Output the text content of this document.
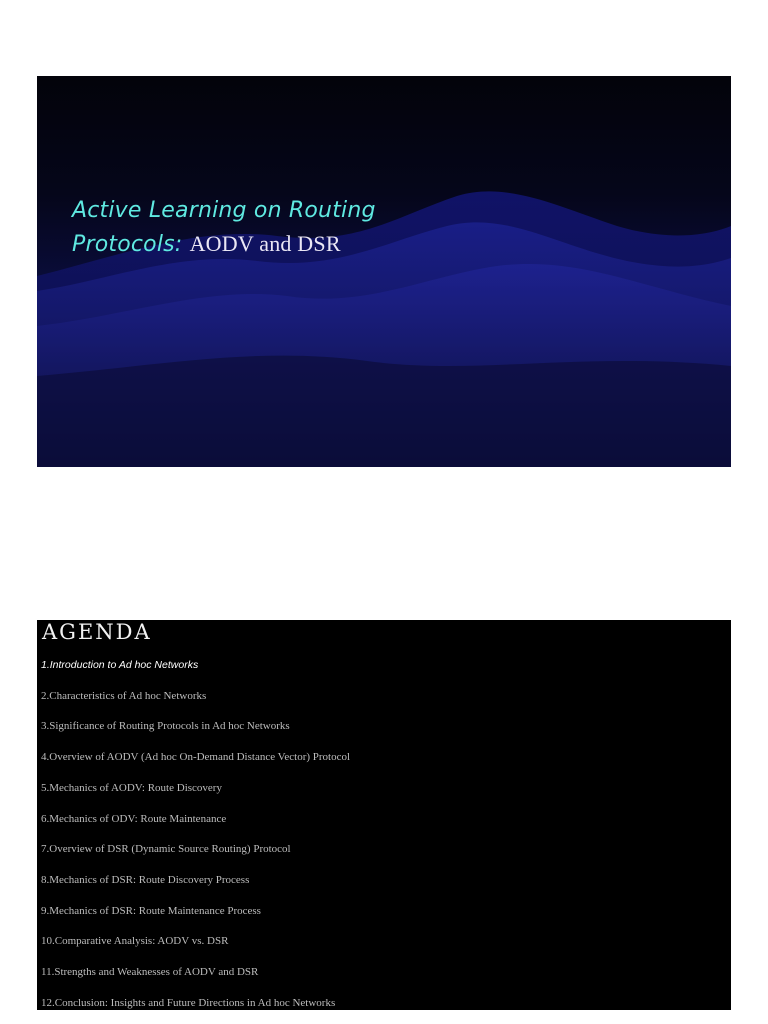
Active Learning on Routing
Protocols: AODV and DSR
AGENDA
1.Introduction to Ad hoc Networks
2.Characteristics of Ad hoc Networks
3.Significance of Routing Protocols in Ad hoc Networks
4.Overview of AODV (Ad hoc On-Demand Distance Vector) Protocol
5.Mechanics of AODV: Route Discovery
6.Mechanics of ODV: Route Maintenance
7.Overview of DSR (Dynamic Source Routing) Protocol
8.Mechanics of DSR: Route Discovery Process
9.Mechanics of DSR: Route Maintenance Process
10.Comparative Analysis: AODV vs. DSR
11.Strengths and Weaknesses of AODV and DSR
12.Conclusion: Insights and Future Directions in Ad hoc Networks
